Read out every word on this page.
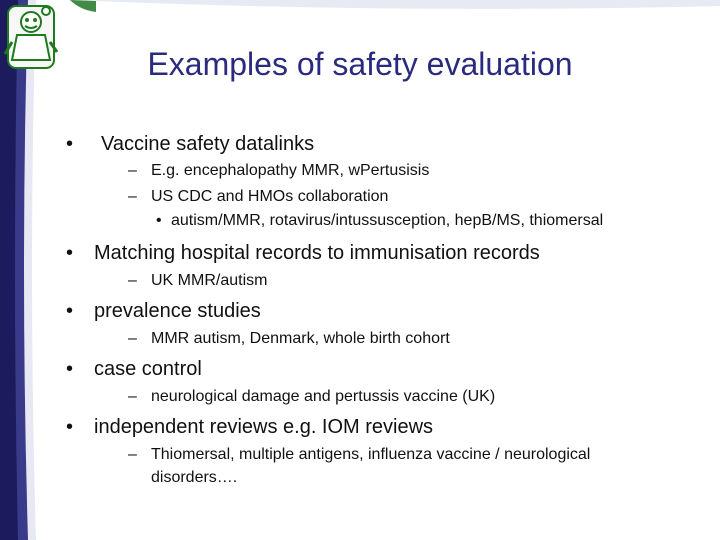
Examples of safety evaluation
• Vaccine safety datalinks
– E.g. encephalopathy MMR, wPertusisis
– US CDC and HMOs collaboration
• autism/MMR, rotavirus/intussusception, hepB/MS, thiomersal
• Matching hospital records to immunisation records
– UK MMR/autism
• prevalence studies
– MMR autism, Denmark, whole birth cohort
• case control
– neurological damage and pertussis vaccine (UK)
• independent reviews e.g. IOM reviews
– Thiomersal, multiple antigens, influenza vaccine / neurological
disorders….
